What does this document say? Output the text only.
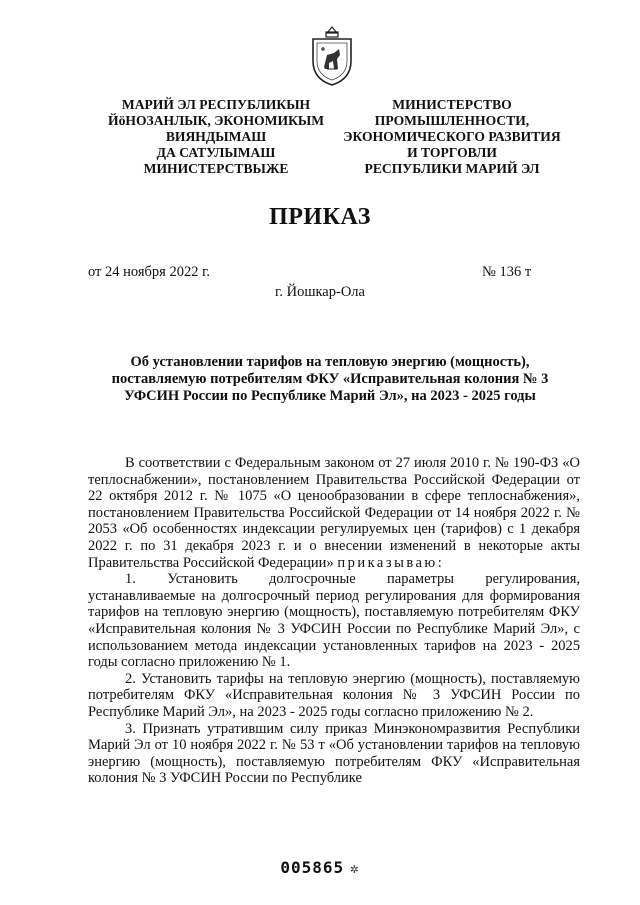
МАРИЙ ЭЛ РЕСПУБЛИКЫН
ЙӧНОЗАНЛЫК, ЭКОНОМИКЫМ
ВИЯНДЫМАШ
ДА САТУЛЫМАШ
МИНИСТЕРСТВЫЖЕ
МИНИСТЕРСТВО
ПРОМЫШЛЕННОСТИ,
ЭКОНОМИЧЕСКОГО РАЗВИТИЯ
И ТОРГОВЛИ
РЕСПУБЛИКИ МАРИЙ ЭЛ
ПРИКАЗ
от 24 ноября 2022 г.	№ 136 т
г. Йошкар-Ола
Об установлении тарифов на тепловую энергию (мощность), поставляемую потребителям ФКУ «Исправительная колония № 3 УФСИН России по Республике Марий Эл», на 2023 - 2025 годы

В соответствии с Федеральным законом от 27 июля 2010 г. № 190-ФЗ «О теплоснабжении», постановлением Правительства Российской Федерации от 22 октября 2012 г. № 1075 «О ценообразовании в сфере теплоснабжения», постановлением Правительства Российской Федерации от 14 ноября 2022 г. № 2053 «Об особенностях индексации регулируемых цен (тарифов) с 1 декабря 2022 г. по 31 декабря 2023 г. и о внесении изменений в некоторые акты Правительства Российской Федерации» приказываю:

1. Установить долгосрочные параметры регулирования, устанавливаемые на долгосрочный период регулирования для формирования тарифов на тепловую энергию (мощность), поставляемую потребителям ФКУ «Исправительная колония № 3 УФСИН России по Республике Марий Эл», с использованием метода индексации установленных тарифов на 2023 - 2025 годы согласно приложению № 1.

2. Установить тарифы на тепловую энергию (мощность), поставляемую потребителям ФКУ «Исправительная колония № 3 УФСИН России по Республике Марий Эл», на 2023 - 2025 годы согласно приложению № 2.

3. Признать утратившим силу приказ Минэкономразвития Республики Марий Эл от 10 ноября 2022 г. № 53 т «Об установлении тарифов на тепловую энергию (мощность), поставляемую потребителям ФКУ «Исправительная колония № 3 УФСИН России по Республике

005865 ✲
